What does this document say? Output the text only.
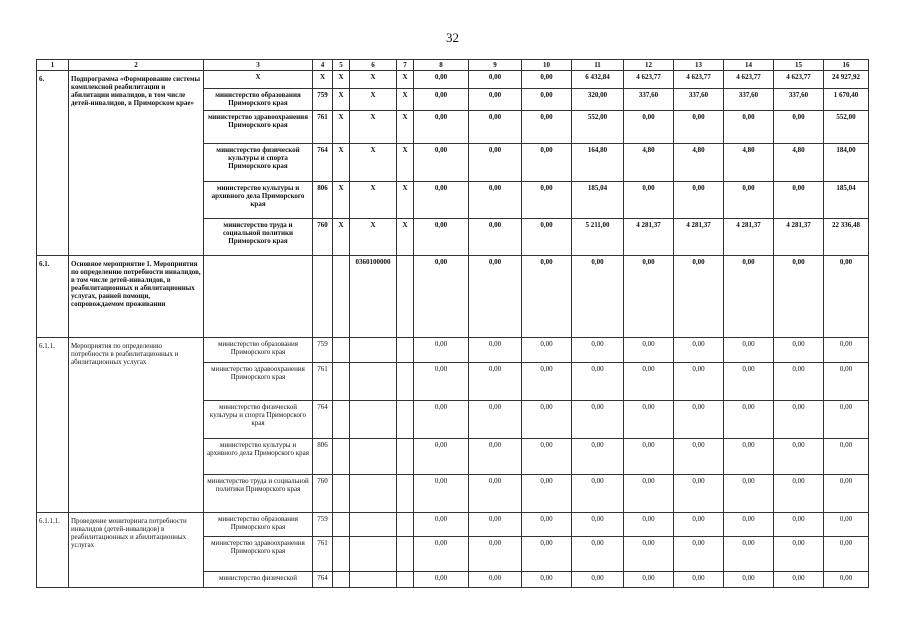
32
1	2	3	4	5	6	7	8	9	10	11	12	13	14	15	16
6.	Подпрограмма «Формирование системы комплексной реабилитации и абилитации инвалидов, в том числе детей-инвалидов, в Приморском крае»	Х	Х	Х	Х	Х	0,00	0,00	0,00	6 432,84	4 623,77	4 623,77	4 623,77	4 623,77	24 927,92
		министерство образования Приморского края	759	Х	Х	Х	0,00	0,00	0,00	320,00	337,60	337,60	337,60	337,60	1 670,40
		министерство здравоохранения Приморского края	761	Х	Х	Х	0,00	0,00	0,00	552,00	0,00	0,00	0,00	0,00	552,00
		министерство физической культуры и спорта Приморского края	764	Х	Х	Х	0,00	0,00	0,00	164,80	4,80	4,80	4,80	4,80	184,00
		министерство культуры и архивного дела Приморского края	806	Х	Х	Х	0,00	0,00	0,00	185,04	0,00	0,00	0,00	0,00	185,04
		министерство труда и социальной политики Приморского края	760	Х	Х	Х	0,00	0,00	0,00	5 211,00	4 281,37	4 281,37	4 281,37	4 281,37	22 336,48
6.1.	Основное мероприятие 1. Мероприятия по определению потребности инвалидов, в том числе детей-инвалидов, в реабилитационных и абилитационных услугах, ранней помощи, сопровождаемом проживании				0360100000		0,00	0,00	0,00	0,00	0,00	0,00	0,00	0,00	0,00
6.1.1.	Мероприятия по определению потребности в реабилитационных и абилитационных услугах	министерство образования Приморского края	759				0,00	0,00	0,00	0,00	0,00	0,00	0,00	0,00	0,00
		министерство здравоохранения Приморского края	761				0,00	0,00	0,00	0,00	0,00	0,00	0,00	0,00	0,00
		министерство физической культуры и спорта Приморского края	764				0,00	0,00	0,00	0,00	0,00	0,00	0,00	0,00	0,00
		министерство культуры и архивного дела Приморского края	806				0,00	0,00	0,00	0,00	0,00	0,00	0,00	0,00	0,00
		министерство труда и социальной политики Приморского края	760				0,00	0,00	0,00	0,00	0,00	0,00	0,00	0,00	0,00
6.1.1.1.	Проведение мониторинга потребности инвалидов (детей-инвалидов) в реабилитационных и абилитационных услугах	министерство образования Приморского края	759				0,00	0,00	0,00	0,00	0,00	0,00	0,00	0,00	0,00
		министерство здравоохранения Приморского края	761				0,00	0,00	0,00	0,00	0,00	0,00	0,00	0,00	0,00
		министерство физической	764				0,00	0,00	0,00	0,00	0,00	0,00	0,00	0,00	0,00
